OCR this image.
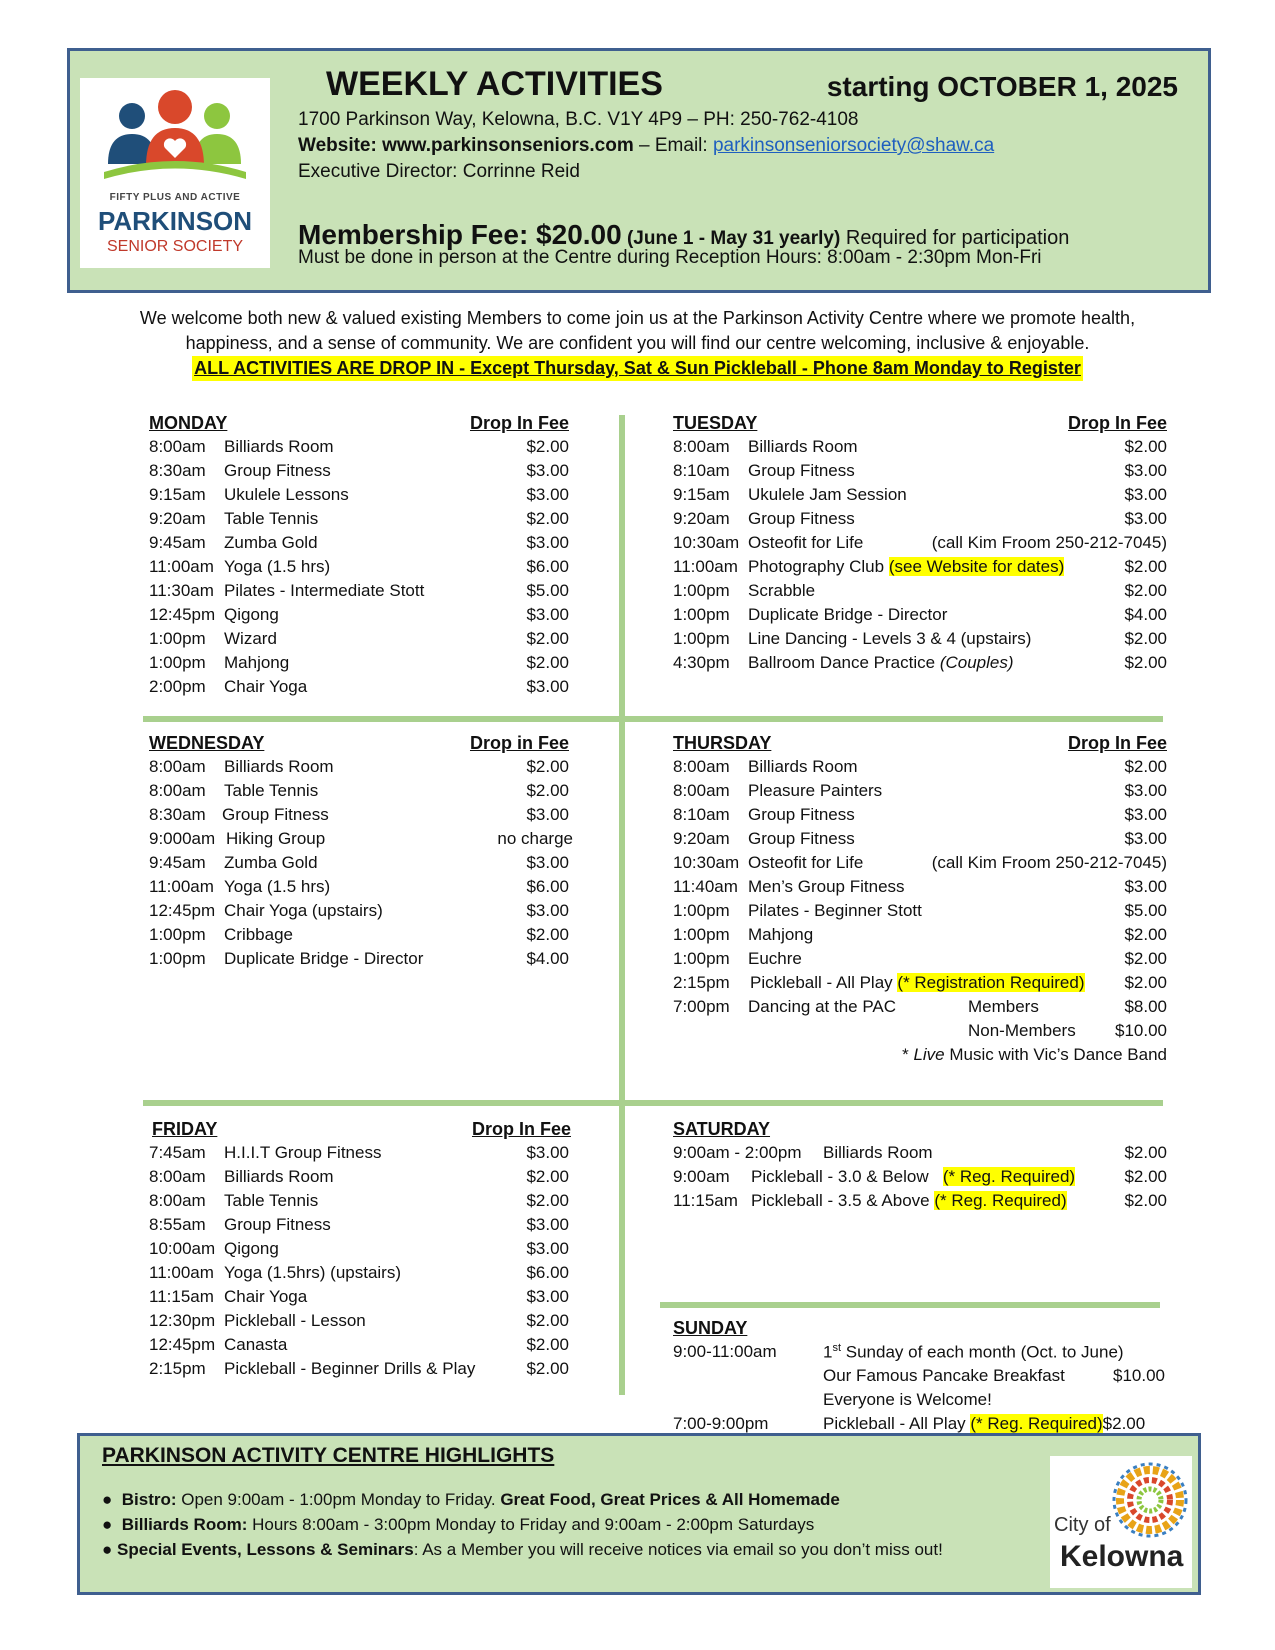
FIFTY PLUS AND ACTIVE
PARKINSON
SENIOR SOCIETY
WEEKLY ACTIVITIES	starting OCTOBER 1, 2025
1700 Parkinson Way, Kelowna, B.C. V1Y 4P9 – PH: 250-762-4108
Website: www.parkinsonseniors.com – Email: parkinsonseniorsociety@shaw.ca
Executive Director: Corrinne Reid
Membership Fee: $20.00 (June 1 - May 31 yearly) Required for participation
Must be done in person at the Centre during Reception Hours: 8:00am - 2:30pm Mon-Fri
We welcome both new & valued existing Members to come join us at the Parkinson Activity Centre where we promote health,
happiness, and a sense of community. We are confident you will find our centre welcoming, inclusive & enjoyable.
ALL ACTIVITIES ARE DROP IN - Except Thursday, Sat & Sun Pickleball - Phone 8am Monday to Register
MONDAY	Drop In Fee
8:00am Billiards Room	$2.00
8:30am Group Fitness	$3.00
9:15am Ukulele Lessons	$3.00
9:20am Table Tennis	$2.00
9:45am Zumba Gold	$3.00
11:00am Yoga (1.5 hrs)	$6.00
11:30am Pilates - Intermediate Stott	$5.00
12:45pm Qigong	$3.00
1:00pm Wizard	$2.00
1:00pm Mahjong	$2.00
2:00pm Chair Yoga	$3.00
TUESDAY	Drop In Fee
8:00am Billiards Room	$2.00
8:10am Group Fitness	$3.00
9:15am Ukulele Jam Session	$3.00
9:20am Group Fitness	$3.00
10:30am Osteofit for Life	(call Kim Froom 250-212-7045)
11:00am Photography Club (see Website for dates)	$2.00
1:00pm Scrabble	$2.00
1:00pm Duplicate Bridge - Director	$4.00
1:00pm Line Dancing - Levels 3 & 4 (upstairs)	$2.00
4:30pm Ballroom Dance Practice (Couples)	$2.00
WEDNESDAY	Drop in Fee
8:00am Billiards Room	$2.00
8:00am Table Tennis	$2.00
8:30am Group Fitness	$3.00
9:000am Hiking Group	no charge
9:45am Zumba Gold	$3.00
11:00am Yoga (1.5 hrs)	$6.00
12:45pm Chair Yoga (upstairs)	$3.00
1:00pm Cribbage	$2.00
1:00pm Duplicate Bridge - Director	$4.00
THURSDAY	Drop In Fee
8:00am Billiards Room	$2.00
8:00am Pleasure Painters	$3.00
8:10am Group Fitness	$3.00
9:20am Group Fitness	$3.00
10:30am Osteofit for Life	(call Kim Froom 250-212-7045)
11:40am Men’s Group Fitness	$3.00
1:00pm Pilates - Beginner Stott	$5.00
1:00pm Mahjong	$2.00
1:00pm Euchre	$2.00
2:15pm Pickleball - All Play (* Registration Required) $2.00
7:00pm Dancing at the PAC	Members	$8.00
Non-Members $10.00
* Live Music with Vic’s Dance Band
FRIDAY	Drop In Fee
7:45am H.I.I.T Group Fitness	$3.00
8:00am Billiards Room	$2.00
8:00am Table Tennis	$2.00
8:55am Group Fitness	$3.00
10:00am Qigong	$3.00
11:00am Yoga (1.5hrs) (upstairs)	$6.00
11:15am Chair Yoga	$3.00
12:30pm Pickleball - Lesson	$2.00
12:45pm Canasta	$2.00
2:15pm Pickleball - Beginner Drills & Play	$2.00
SATURDAY
9:00am - 2:00pm Billiards Room	$2.00
9:00am Pickleball - 3.0 & Below (* Reg. Required)	$2.00
11:15am Pickleball - 3.5 & Above (* Reg. Required)	$2.00
SUNDAY
9:00-11:00am	1st Sunday of each month (Oct. to June)
Our Famous Pancake Breakfast	$10.00
Everyone is Welcome!
7:00-9:00pm	Pickleball - All Play (* Reg. Required)$2.00
PARKINSON ACTIVITY CENTRE HIGHLIGHTS
● Bistro: Open 9:00am - 1:00pm Monday to Friday. Great Food, Great Prices & All Homemade
● Billiards Room: Hours 8:00am - 3:00pm Monday to Friday and 9:00am - 2:00pm Saturdays
● Special Events, Lessons & Seminars: As a Member you will receive notices via email so you don’t miss out!
City of
Kelowna
